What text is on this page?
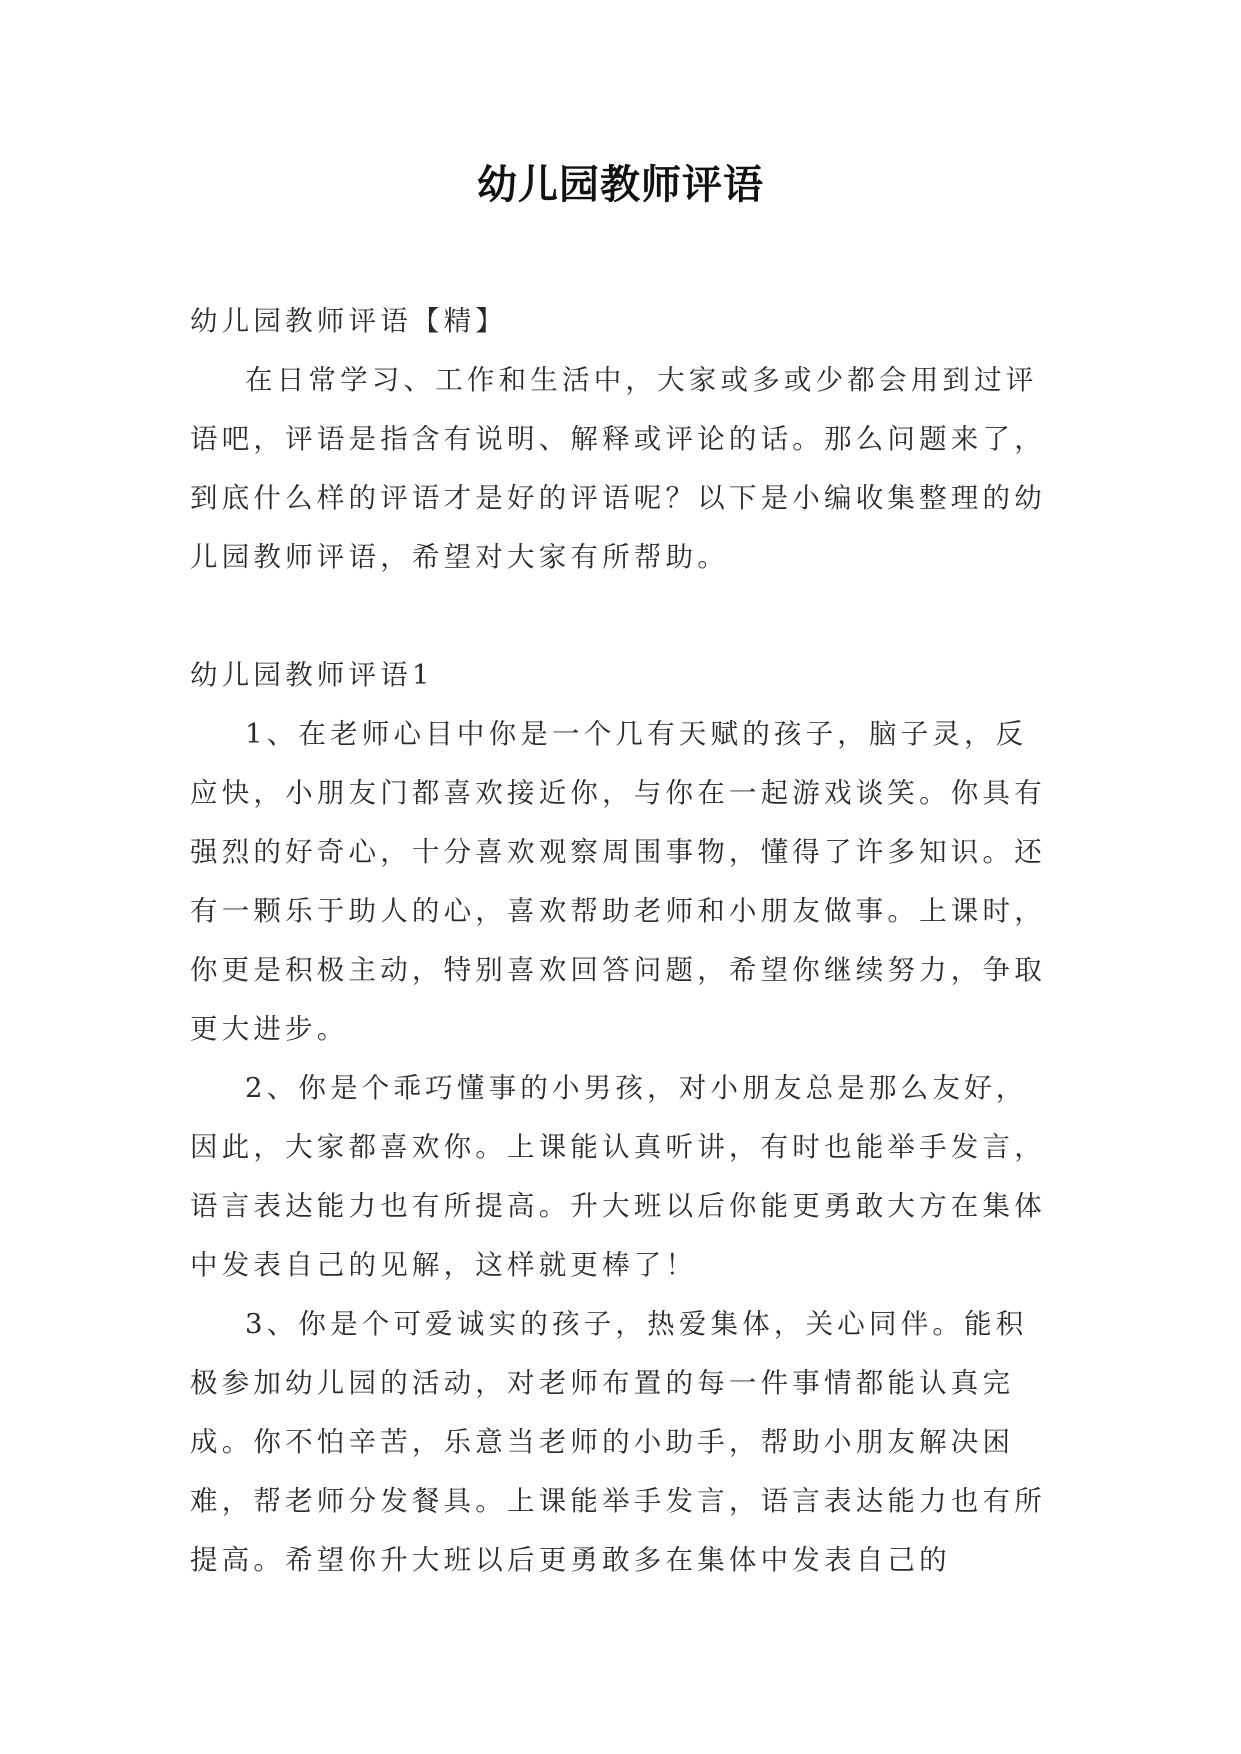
幼儿园教师评语

幼儿园教师评语【精】

在日常学习、工作和生活中，大家或多或少都会用到过评语吧，评语是指含有说明、解释或评论的话。那么问题来了，到底什么样的评语才是好的评语呢？以下是小编收集整理的幼儿园教师评语，希望对大家有所帮助。

幼儿园教师评语1

1、在老师心目中你是一个几有天赋的孩子，脑子灵，反应快，小朋友门都喜欢接近你，与你在一起游戏谈笑。你具有强烈的好奇心，十分喜欢观察周围事物，懂得了许多知识。还有一颗乐于助人的心，喜欢帮助老师和小朋友做事。上课时，你更是积极主动，特别喜欢回答问题，希望你继续努力，争取更大进步。

2、你是个乖巧懂事的小男孩，对小朋友总是那么友好，因此，大家都喜欢你。上课能认真听讲，有时也能举手发言，语言表达能力也有所提高。升大班以后你能更勇敢大方在集体中发表自己的见解，这样就更棒了！

3、你是个可爱诚实的孩子，热爱集体，关心同伴。能积极参加幼儿园的活动，对老师布置的每一件事情都能认真完成。你不怕辛苦，乐意当老师的小助手，帮助小朋友解决困难，帮老师分发餐具。上课能举手发言，语言表达能力也有所提高。希望你升大班以后更勇敢多在集体中发表自己的
